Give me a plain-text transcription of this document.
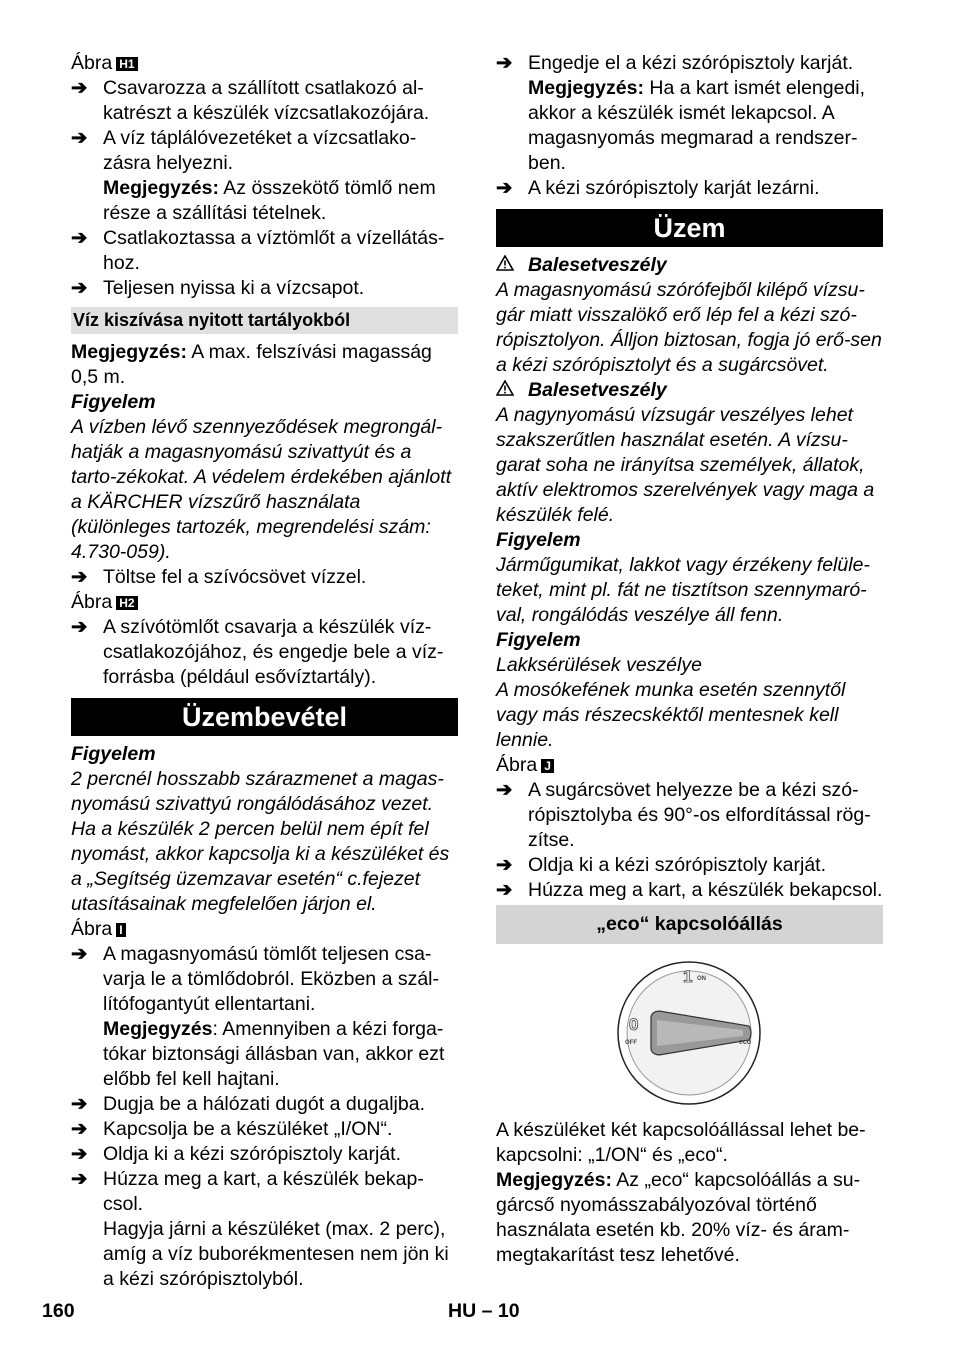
Ábra H1

➔ Csavarozza a szállított csatlakozó al-katrészt a készülék vízcsatlakozójára.
➔ A víz táplálóvezetéket a vízcsatlako-zásra helyezni.

Megjegyzés: Az összekötő tömlő nem része a szállítási tételnek.

➔ Csatlakoztassa a víztömlőt a vízellátás-hoz.
➔ Teljesen nyissa ki a vízcsapot.
Víz kiszívása nyitott tartályokból

Megjegyzés: A max. felszívási magasság 0,5 m.

Figyelem

A vízben lévő szennyeződések megrongál-hatják a magasnyomású szivattyút és a tarto-zékokat. A védelem érdekében ajánlott a KÄRCHER vízszűrő használata (különleges tartozék, megrendelési szám: 4.730-059).

➔ Töltse fel a szívócsövet vízzel.

Ábra H2

➔ A szívótömlőt csavarja a készülék víz-csatlakozójához, és engedje bele a víz-forrásba (például esővíztartály).
Üzembevétel

Figyelem

2 percnél hosszabb szárazmenet a magas-nyomású szivattyú rongálódásához vezet. Ha a készülék 2 percen belül nem épít fel nyomást, akkor kapcsolja ki a készüléket és a „Segítség üzemzavar esetén“ c.fejezet utasításainak megfelelően járjon el.

Ábra I

➔ A magasnyomású tömlőt teljesen csa-varja le a tömlődobról. Eközben a szál-lítófogantyút ellentartani.

Megjegyzés: Amennyiben a kézi forga-tókar biztonsági állásban van, akkor ezt előbb fel kell hajtani.

➔ Dugja be a hálózati dugót a dugaljba.
➔ Kapcsolja be a készüléket „I/ON“.
➔ Oldja ki a kézi szórópisztoly karját.
➔ Húzza meg a kart, a készülék bekap-csol.

Hagyja járni a készüléket (max. 2 perc), amíg a víz buborékmentesen nem jön ki a kézi szórópisztolyból.

➔ Engedje el a kézi szórópisztoly karját.

Megjegyzés: Ha a kart ismét elengedi, akkor a készülék ismét lekapcsol. A magasnyomás megmarad a rendszer-ben.

➔ A kézi szórópisztoly karját lezárni.
Üzem

Balesetveszély

A magasnyomású szórófejből kilépő vízsu-gár miatt visszalökő erő lép fel a kézi szó-rópisztolyon. Álljon biztosan, fogja jó erő-sen a kézi szórópisztolyt és a sugárcsövet.

Balesetveszély

A nagynyomású vízsugár veszélyes lehet szakszerűtlen használat esetén. A vízsu-garat soha ne irányítsa személyek, állatok, aktív elektromos szerelvények vagy maga a készülék felé.

Figyelem

Járműgumikat, lakkot vagy érzékeny felüle-teket, mint pl. fát ne tisztítson szennymaró-val, rongálódás veszélye áll fenn.

Figyelem

Lakksérülések veszélye

A mosókefének munka esetén szennytől vagy más részecskéktől mentesnek kell lennie.

Ábra J

➔ A sugárcsövet helyezze be a kézi szó-rópisztolyba és 90°-os elfordítással rög-zítse.
➔ Oldja ki a kézi szórópisztoly karját.
➔ Húzza meg a kart, a készülék bekapcsol.
„eco“ kapcsolóállás
0
OFF
1 ON
eco

A készüléket két kapcsolóállással lehet be-kapcsolni: „1/ON“ és „eco“.

Megjegyzés: Az „eco“ kapcsolóállás a su-gárcső nyomásszabályozóval történő használata esetén kb. 20% víz- és áram-megtakarítást tesz lehetővé.

160	HU – 10
